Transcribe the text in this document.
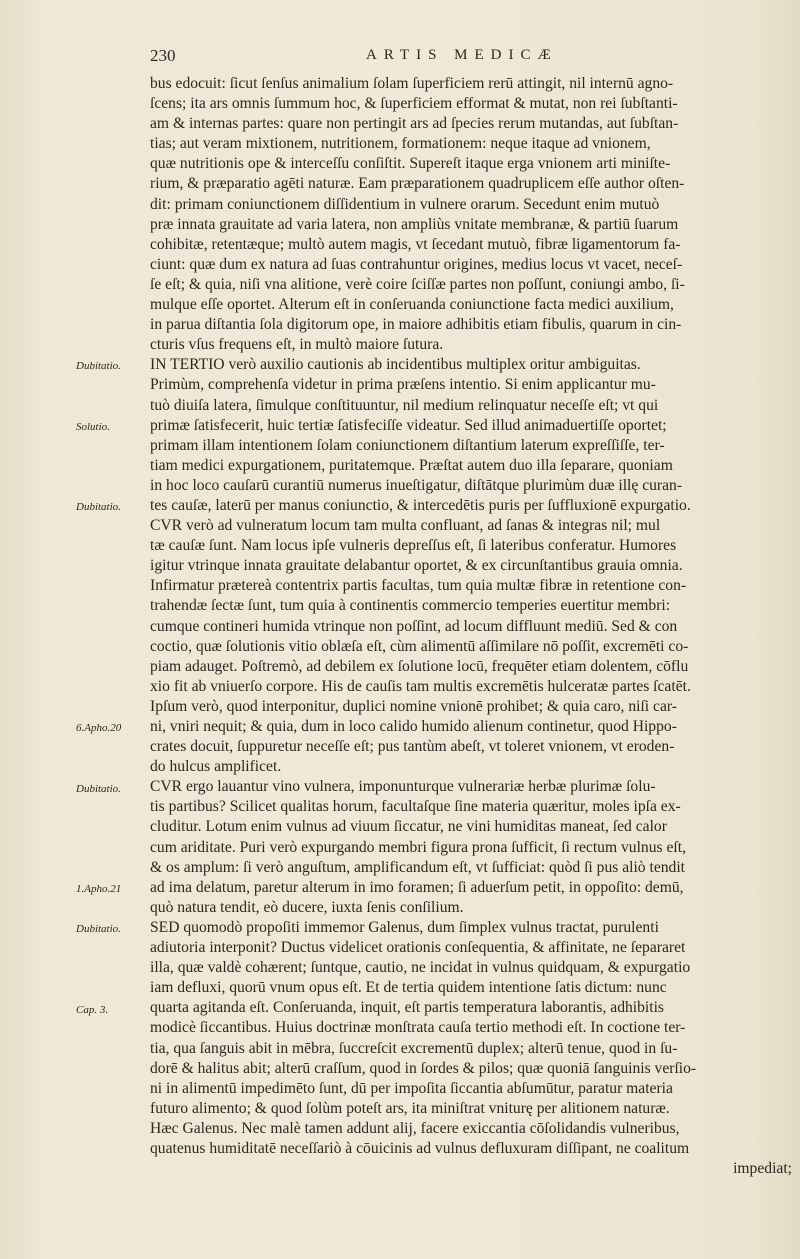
230	ARTIS MEDICÆ
Dubitatio.
Solutio.
Dubitatio.
6.Apho.20
Dubitatio.
1.Apho.21
Dubitatio.
Cap. 3.
bus edocuit: ſicut ſenſus animalium ſolam ſuperficiem rerū attingit, nil internū agno-
ſcens; ita ars omnis ſummum hoc, & ſuperficiem efformat & mutat, non rei ſubſtanti-
am & internas partes: quare non pertingit ars ad ſpecies rerum mutandas, aut ſubſtan-
tias; aut veram mixtionem, nutritionem, formationem: neque itaque ad vnionem,
quæ nutritionis ope & interceſſu conſiſtit. Supereſt itaque erga vnionem arti miniſte-
rium, & præparatio agēti naturæ. Eam præparationem quadruplicem eſſe author oſten-
dit: primam coniunctionem diſſidentium in vulnere orarum. Secedunt enim mutuò
præ innata grauitate ad varia latera, non ampliùs vnitate membranæ, & partiū ſuarum
cohibitæ, retentæque; multò autem magis, vt ſecedant mutuò, fibræ ligamentorum fa-
ciunt: quæ dum ex natura ad ſuas contrahuntur origines, medius locus vt vacet, neceſ-
ſe eſt; & quia, niſi vna alitione, verè coire ſciſſæ partes non poſſunt, coniungi ambo, ſi-
mulque eſſe oportet. Alterum eſt in conſeruanda coniunctione facta medici auxilium,
in parua diſtantia ſola digitorum ope, in maiore adhibitis etiam fibulis, quarum in cin-
cturis vſus frequens eſt, in multò maiore ſutura.
IN TERTIO verò auxilio cautionis ab incidentibus multiplex oritur ambiguitas.
Primùm, comprehenſa videtur in prima præſens intentio. Si enim applicantur mu-
tuò diuiſa latera, ſimulque conſtituuntur, nil medium relinquatur neceſſe eſt; vt qui
primæ ſatisfecerit, huic tertiæ ſatisfeciſſe videatur. Sed illud animaduertiſſe oportet;
primam illam intentionem ſolam coniunctionem diſtantium laterum expreſſiſſe, ter-
tiam medici expurgationem, puritatemque. Præſtat autem duo illa ſeparare, quoniam
in hoc loco cauſarū curantiū numerus inueſtigatur, diſtātque plurimùm duæ illę curan-
tes cauſæ, laterū per manus coniunctio, & intercedētis puris per ſuffluxionē expurgatio.
CVR verò ad vulneratum locum tam multa confluant, ad ſanas & integras nil; mul
tæ cauſæ ſunt. Nam locus ipſe vulneris depreſſus eſt, ſi lateribus conferatur. Humores
igitur vtrinque innata grauitate delabantur oportet, & ex circunſtantibus grauia omnia.
Infirmatur prætereà contentrix partis facultas, tum quia multæ fibræ in retentione con-
trahendæ ſectæ ſunt, tum quia à continentis commercio temperies euertitur membri:
cumque contineri humida vtrinque non poſſint, ad locum diffluunt mediū. Sed & con
coctio, quæ ſolutionis vitio oblæſa eſt, cùm alimentū aſſimilare nō poſſit, excremēti co-
piam adauget. Poſtremò, ad debilem ex ſolutione locū, frequēter etiam dolentem, cōflu
xio fit ab vniuerſo corpore. His de cauſis tam multis excremētis hulceratæ partes ſcatēt.
Ipſum verò, quod interponitur, duplici nomine vnionē prohibet; & quia caro, niſi car-
ni, vniri nequit; & quia, dum in loco calido humido alienum continetur, quod Hippo-
crates docuit, ſuppuretur neceſſe eſt; pus tantùm abeſt, vt toleret vnionem, vt eroden-
do hulcus amplificet.
CVR ergo lauantur vino vulnera, imponunturque vulnerariæ herbæ plurimæ ſolu-
tis partibus? Scilicet qualitas horum, facultaſque ſine materia quæritur, moles ipſa ex-
cluditur. Lotum enim vulnus ad viuum ſiccatur, ne vini humiditas maneat, ſed calor
cum ariditate. Puri verò expurgando membri figura prona ſufficit, ſi rectum vulnus eſt,
& os amplum: ſi verò anguſtum, amplificandum eſt, vt ſufficiat: quòd ſi pus aliò tendit
ad ima delatum, paretur alterum in imo foramen; ſi aduerſum petit, in oppoſito: demū,
quò natura tendit, eò ducere, iuxta ſenis conſilium.
SED quomodò propoſiti immemor Galenus, dum ſimplex vulnus tractat, purulenti
adiutoria interponit? Ductus videlicet orationis conſequentia, & affinitate, ne ſepararet
illa, quæ valdè cohærent; ſuntque, cautio, ne incidat in vulnus quidquam, & expurgatio
iam defluxi, quorū vnum opus eſt. Et de tertia quidem intentione ſatis dictum: nunc
quarta agitanda eſt. Conſeruanda, inquit, eſt partis temperatura laborantis, adhibitis
modicè ſiccantibus. Huius doctrinæ monſtrata cauſa tertio methodi eſt. In coctione ter-
tia, qua ſanguis abit in mēbra, ſuccreſcit excrementū duplex; alterū tenue, quod in ſu-
dorē & halitus abit; alterū craſſum, quod in ſordes & pilos; quæ quoniā ſanguinis verſio-
ni in alimentū impedimēto ſunt, dū per impoſita ſiccantia abſumūtur, paratur materia
futuro alimento; & quod ſolùm poteſt ars, ita miniſtrat vniturę per alitionem naturæ.
Hæc Galenus. Nec malè tamen addunt alij, facere exiccantia cōſolidandis vulneribus,
quatenus humiditatē neceſſariò à cōuicinis ad vulnus defluxuram diſſipant, ne coalitum
impediat;
